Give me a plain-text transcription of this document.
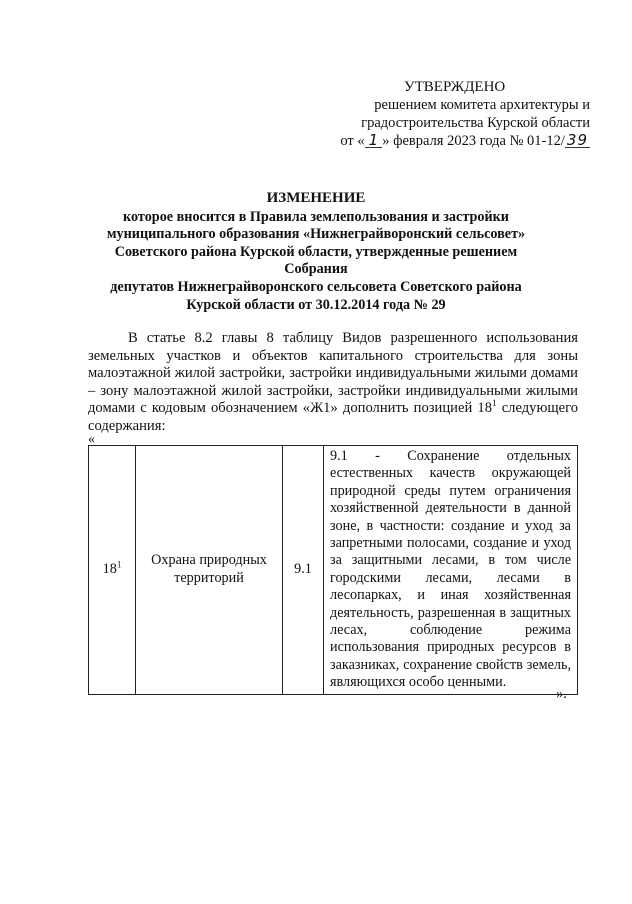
УТВЕРЖДЕНО
решением комитета архитектуры и
градостроительства Курской области
от « 1 » февраля 2023 года № 01-12/ 39
ИЗМЕНЕНИЕ
которое вносится в Правила землепользования и застройки
муниципального образования «Нижнеграйворонский сельсовет»
Советского района Курской области, утвержденные решением Собрания
депутатов Нижнеграйворонского сельсовета Советского района
Курской области от 30.12.2014 года № 29

В статье 8.2 главы 8 таблицу Видов разрешенного использования земельных участков и объектов капитального строительства для зоны малоэтажной жилой застройки, застройки индивидуальными жилыми домами – зону малоэтажной жилой застройки, застройки индивидуальными жилыми домами с кодовым обозначением «Ж1» дополнить позицией $18^1$ следующего содержания:

«
$18^1$	Охрана природных территорий	9.1	9.1 - Сохранение отдельных естественных качеств окружающей природной среды путем ограничения хозяйственной деятельности в данной зоне, в частности: создание и уход за запретными полосами, создание и уход за защитными лесами, в том числе городскими лесами, лесами в лесопарках, и иная хозяйственная деятельность, разрешенная в защитных лесах, соблюдение режима использования природных ресурсов в заказниках, сохранение свойств земель, являющихся особо ценными.
».
